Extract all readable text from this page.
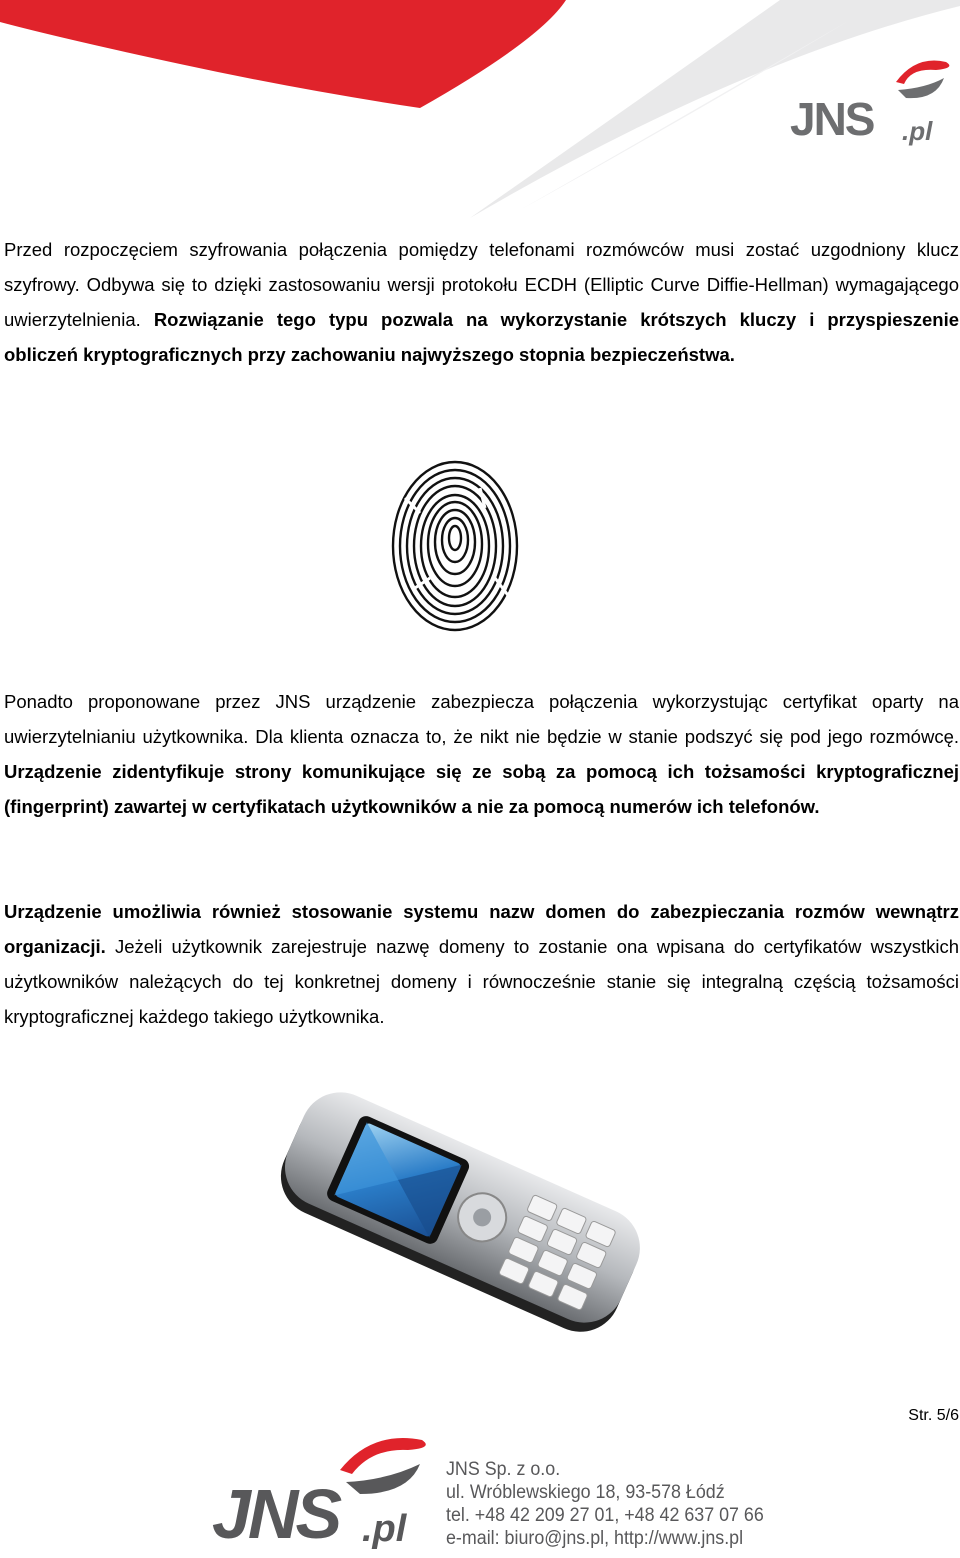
JNS .pl

Przed rozpoczęciem szyfrowania połączenia pomiędzy telefonami rozmówców musi zostać uzgodniony klucz szyfrowy. Odbywa się to dzięki zastosowaniu wersji protokołu ECDH (Elliptic Curve Diffie-Hellman) wymagającego uwierzytelnienia. Rozwiązanie tego typu pozwala na wykorzystanie krótszych kluczy i przyspieszenie obliczeń kryptograficznych przy zachowaniu najwyższego stopnia bezpieczeństwa.

Ponadto proponowane przez JNS urządzenie zabezpiecza połączenia wykorzystując certyfikat oparty na uwierzytelnianiu użytkownika. Dla klienta oznacza to, że nikt nie będzie w stanie podszyć się pod jego rozmówcę. Urządzenie zidentyfikuje strony komunikujące się ze sobą za pomocą ich tożsamości kryptograficznej (fingerprint) zawartej w certyfikatach użytkowników a nie za pomocą numerów ich telefonów.

Urządzenie umożliwia również stosowanie systemu nazw domen do zabezpieczania rozmów wewnątrz organizacji. Jeżeli użytkownik zarejestruje nazwę domeny to zostanie ona wpisana do certyfikatów wszystkich użytkowników należących do tej konkretnej domeny i równocześnie stanie się integralną częścią tożsamości kryptograficznej każdego takiego użytkownika.

Str. 5/6
JNS .pl
JNS Sp. z o.o.
ul. Wróblewskiego 18, 93-578 Łódź
tel. +48 42 209 27 01, +48 42 637 07 66
e-mail: biuro@jns.pl, http://www.jns.pl
